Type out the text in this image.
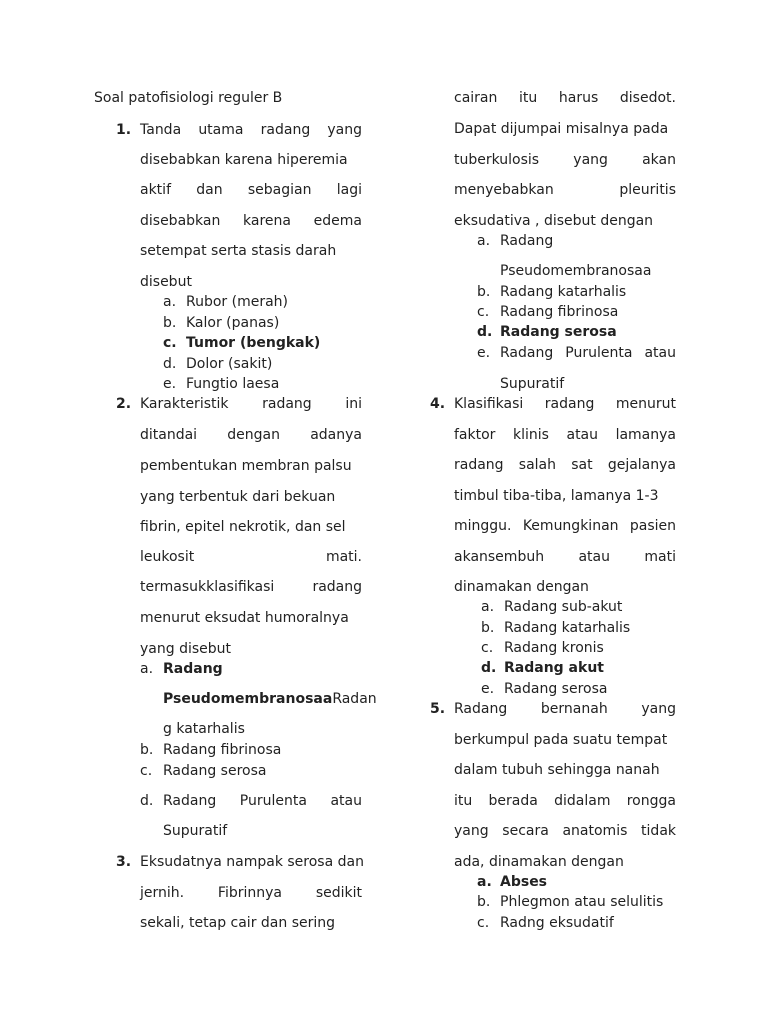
Soal patofisiologi reguler B
1. Tanda utama radang yang
disebabkan karena hiperemia
aktif dan sebagian lagi
disebabkan karena edema
setempat serta stasis darah
disebut
a. Rubor (merah)
b. Kalor (panas)
c. Tumor (bengkak)
d. Dolor (sakit)
e. Fungtio laesa
2. Karakteristik radang ini
ditandai dengan adanya
pembentukan membran palsu
yang terbentuk dari bekuan
fibrin, epitel nekrotik, dan sel
leukosit	mati.
termasukklasifikasi	radang
menurut eksudat humoralnya
yang disebut
a. Radang
PseudomembranosaaRadan
g katarhalis
b. Radang fibrinosa
c. Radang serosa
d. Radang Purulenta atau
Supuratif
3. Eksudatnya nampak serosa dan
jernih. Fibrinnya sedikit
sekali, tetap cair dan sering
cairan itu harus disedot.
Dapat dijumpai misalnya pada
tuberkulosis yang akan
menyebabkan	pleuritis
eksudativa , disebut dengan
a. Radang
Pseudomembranosaa
b. Radang katarhalis
c. Radang fibrinosa
d. Radang serosa
e. Radang Purulenta atau
Supuratif
4. Klasifikasi radang menurut
faktor klinis atau lamanya
radang salah sat gejalanya
timbul tiba-tiba, lamanya 1-3
minggu. Kemungkinan pasien
akansembuh atau mati
dinamakan dengan
a. Radang sub-akut
b. Radang katarhalis
c. Radang kronis
d. Radang akut
e. Radang serosa
5. Radang bernanah yang
berkumpul pada suatu tempat
dalam tubuh sehingga nanah
itu berada didalam rongga
yang secara anatomis tidak
ada, dinamakan dengan
a. Abses
b. Phlegmon atau selulitis
c. Radng eksudatif
